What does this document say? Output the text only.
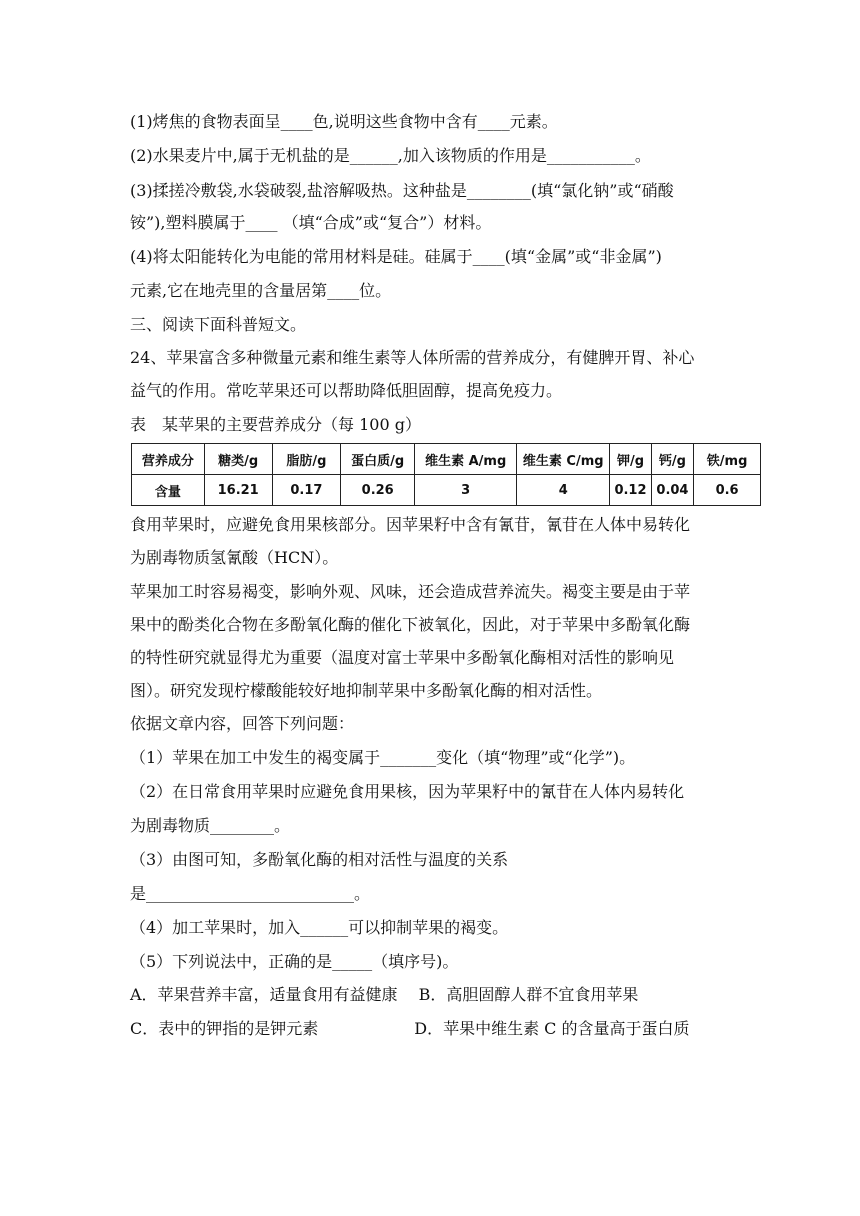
(1)烤焦的食物表面呈____色,说明这些食物中含有____元素。
(2)水果麦片中,属于无机盐的是______,加入该物质的作用是___________。
(3)揉搓冷敷袋,水袋破裂,盐溶解吸热。这种盐是________(填“氯化钠”或“硝酸
铵”),塑料膜属于____ （填“合成”或“复合”）材料。
(4)将太阳能转化为电能的常用材料是硅。硅属于____(填“金属”或“非金属”)
元素,它在地壳里的含量居第____位。
三、阅读下面科普短文。
24、苹果富含多种微量元素和维生素等人体所需的营养成分，有健脾开胃、补心
益气的作用。常吃苹果还可以帮助降低胆固醇，提高免疫力。
表　某苹果的主要营养成分（每 100 g）
营养成分	糖类/g	脂肪/g	蛋白质/g	维生素 A/mg	维生素 C/mg	钾/g	钙/g	铁/mg
含量	16.21	0.17	0.26	3	4	0.12	0.04	0.6
食用苹果时，应避免食用果核部分。因苹果籽中含有氰苷，氰苷在人体中易转化
为剧毒物质氢氰酸（HCN）。
苹果加工时容易褐变，影响外观、风味，还会造成营养流失。褐变主要是由于苹
果中的酚类化合物在多酚氧化酶的催化下被氧化，因此，对于苹果中多酚氧化酶
的特性研究就显得尤为重要（温度对富士苹果中多酚氧化酶相对活性的影响见
图）。研究发现柠檬酸能较好地抑制苹果中多酚氧化酶的相对活性。
依据文章内容，回答下列问题：
（1）苹果在加工中发生的褐变属于_______变化（填“物理”或“化学”)。
（2）在日常食用苹果时应避免食用果核，因为苹果籽中的氰苷在人体内易转化
为剧毒物质________。
（3）由图可知，多酚氧化酶的相对活性与温度的关系
是__________________________。
（4）加工苹果时，加入______可以抑制苹果的褐变。
（5）下列说法中，正确的是_____（填序号)。
A．苹果营养丰富，适量食用有益健康　 B．高胆固醇人群不宜食用苹果
C．表中的钾指的是钾元素　　　　　　D．苹果中维生素 C 的含量高于蛋白质
